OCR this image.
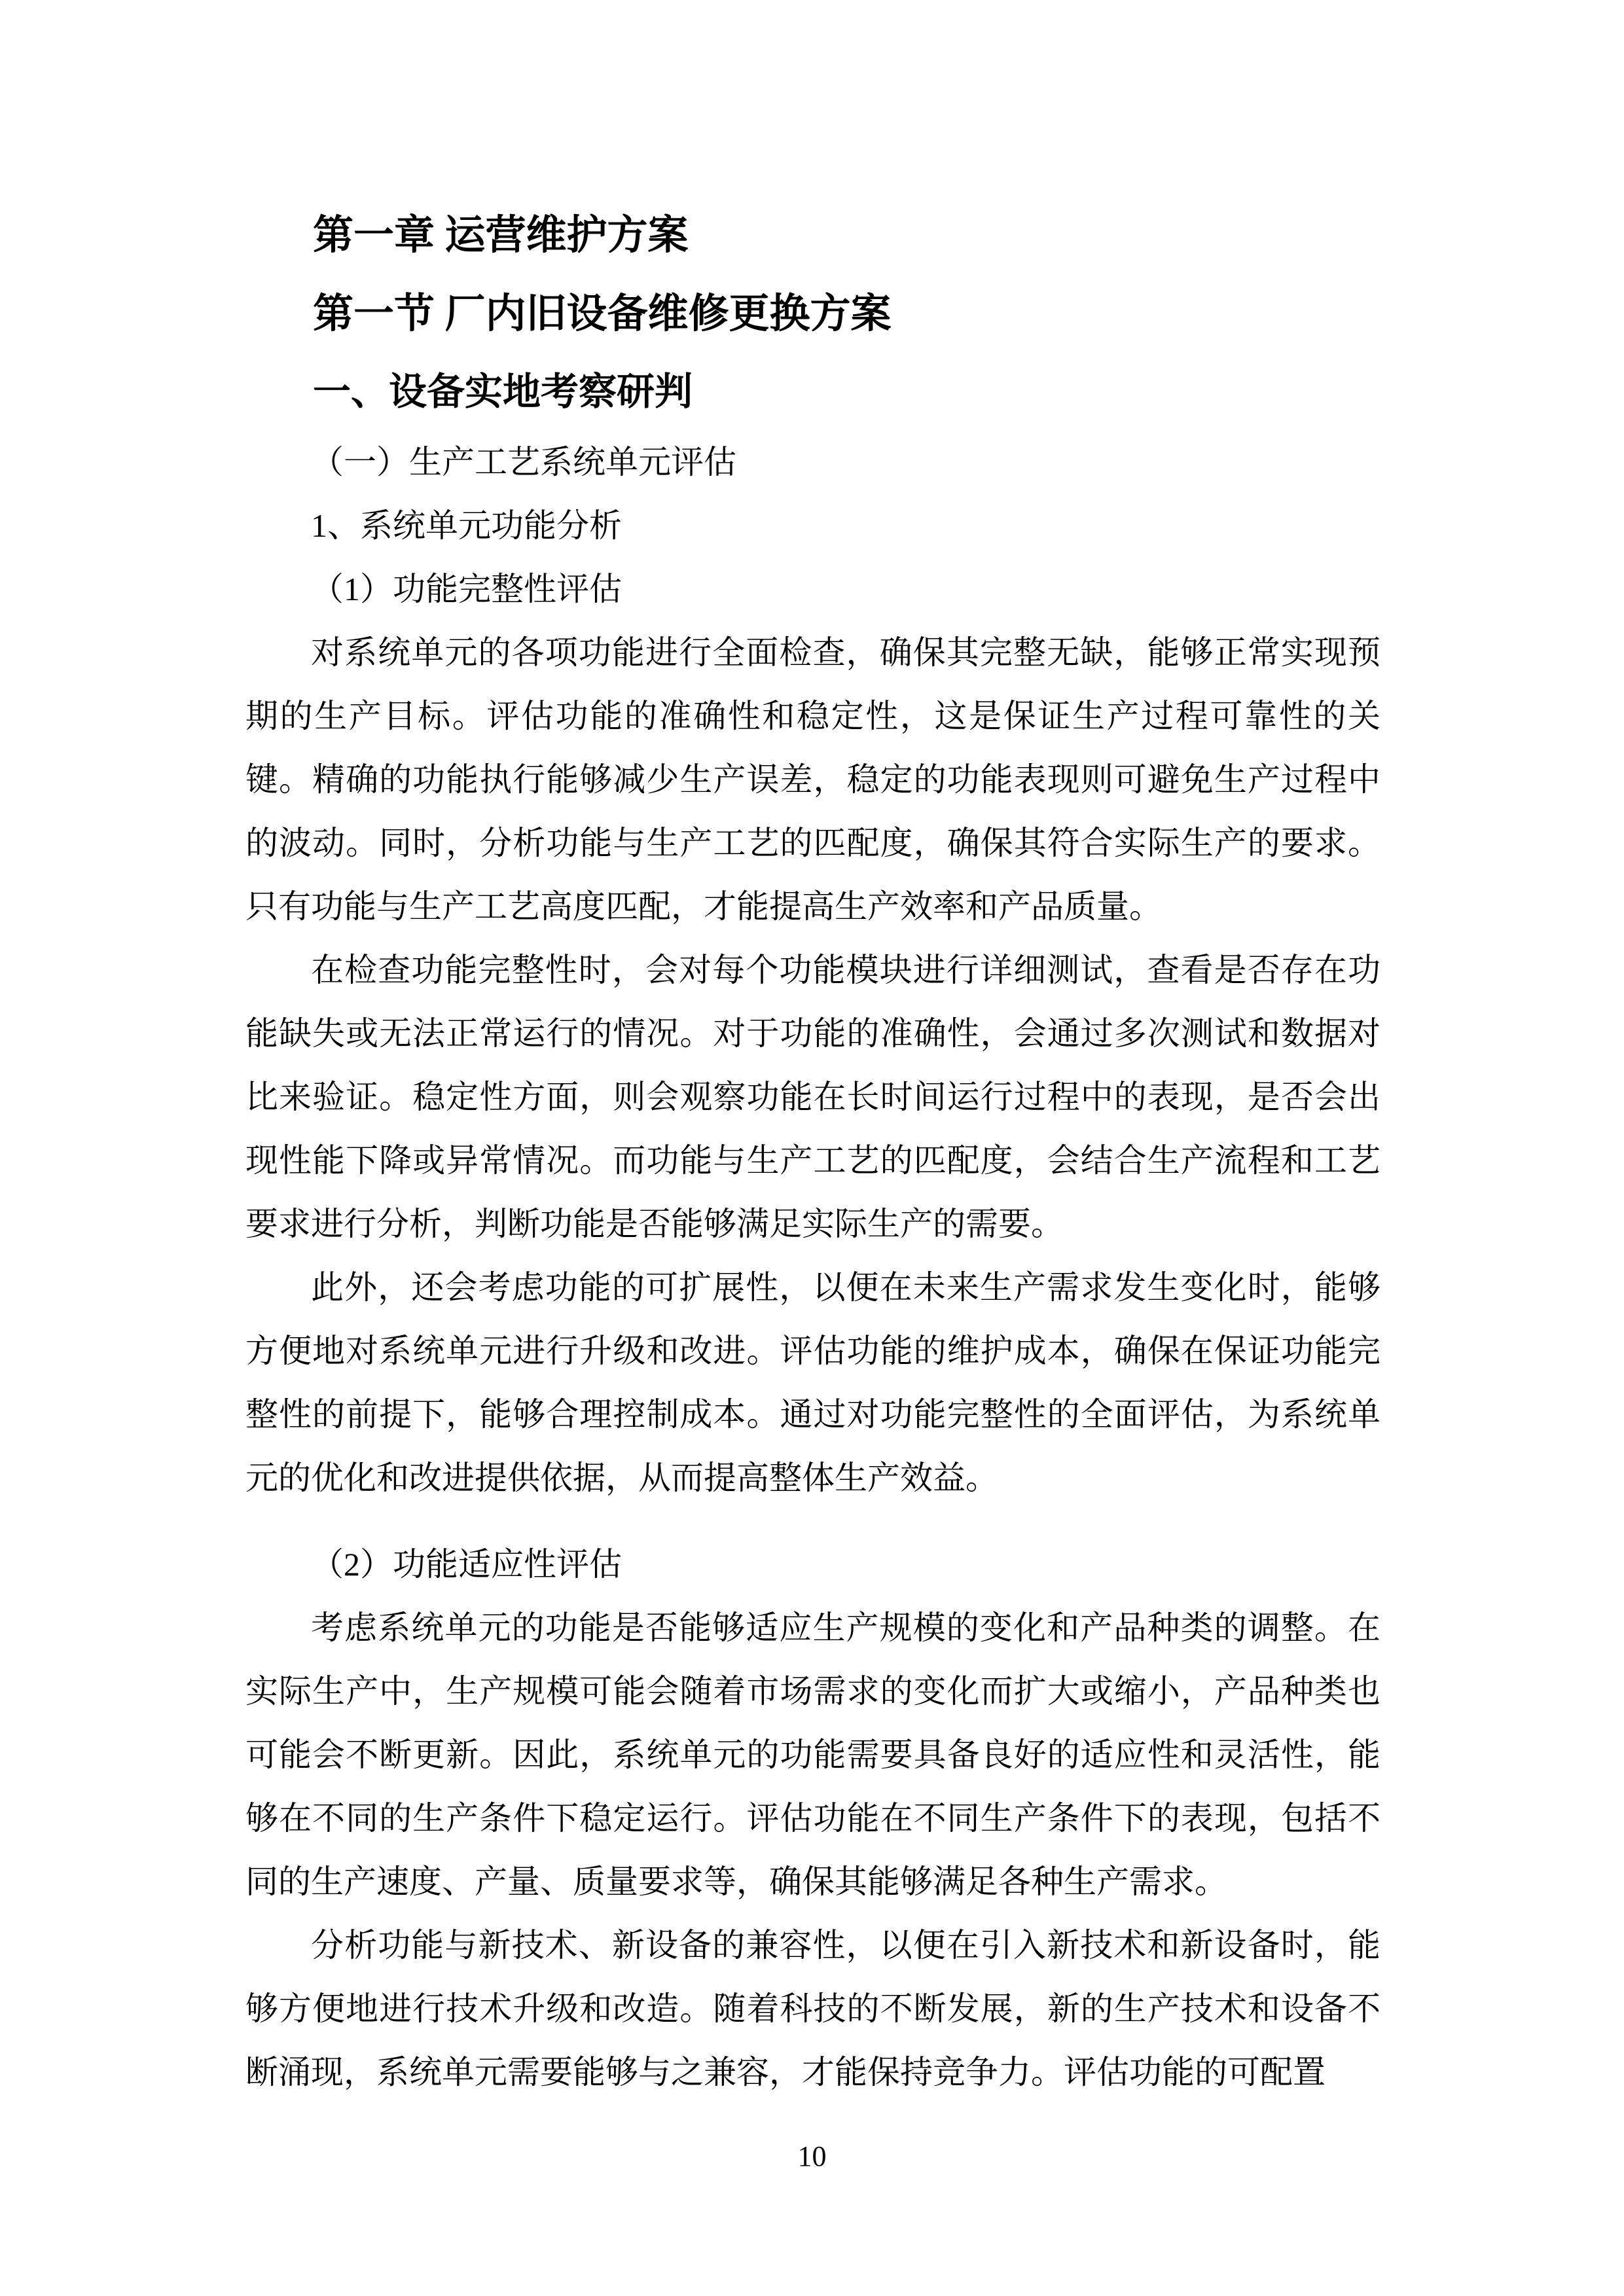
第一章 运营维护方案
第一节 厂内旧设备维修更换方案
一、设备实地考察研判
（一）生产工艺系统单元评估
1、系统单元功能分析
（1）功能完整性评估
对系统单元的各项功能进行全面检查，确保其完整无缺，能够正常实现预期的生产目标。评估功能的准确性和稳定性，这是保证生产过程可靠性的关键。精确的功能执行能够减少生产误差，稳定的功能表现则可避免生产过程中的波动。同时，分析功能与生产工艺的匹配度，确保其符合实际生产的要求。只有功能与生产工艺高度匹配，才能提高生产效率和产品质量。
在检查功能完整性时，会对每个功能模块进行详细测试，查看是否存在功能缺失或无法正常运行的情况。对于功能的准确性，会通过多次测试和数据对比来验证。稳定性方面，则会观察功能在长时间运行过程中的表现，是否会出现性能下降或异常情况。而功能与生产工艺的匹配度，会结合生产流程和工艺要求进行分析，判断功能是否能够满足实际生产的需要。
此外，还会考虑功能的可扩展性，以便在未来生产需求发生变化时，能够方便地对系统单元进行升级和改进。评估功能的维护成本，确保在保证功能完整性的前提下，能够合理控制成本。通过对功能完整性的全面评估，为系统单元的优化和改进提供依据，从而提高整体生产效益。
（2）功能适应性评估
考虑系统单元的功能是否能够适应生产规模的变化和产品种类的调整。在实际生产中，生产规模可能会随着市场需求的变化而扩大或缩小，产品种类也可能会不断更新。因此，系统单元的功能需要具备良好的适应性和灵活性，能够在不同的生产条件下稳定运行。评估功能在不同生产条件下的表现，包括不同的生产速度、产量、质量要求等，确保其能够满足各种生产需求。
分析功能与新技术、新设备的兼容性，以便在引入新技术和新设备时，能够方便地进行技术升级和改造。随着科技的不断发展，新的生产技术和设备不断涌现，系统单元需要能够与之兼容，才能保持竞争力。评估功能的可配置
10
